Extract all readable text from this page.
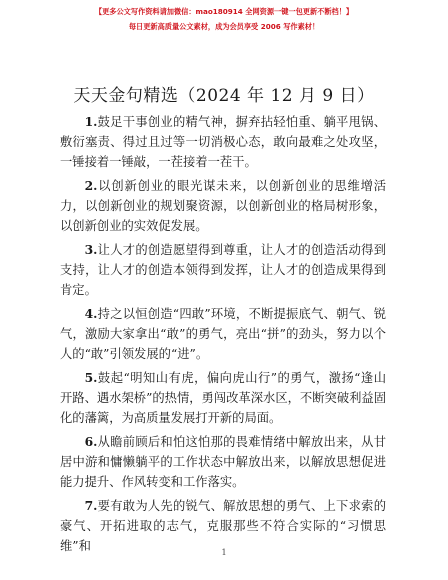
【更多公文写作资料请加微信：mao180914 全网资源一键一包更新不断档！】
每日更新高质量公文素材，成为会员享受 2006 写作素材！
天天金句精选（2024 年 12 月 9 日）

1.鼓足干事创业的精气神，摒弃拈轻怕重、躺平甩锅、敷衍塞责、得过且过等一切消极心态，敢向最难之处攻坚，一锤接着一锤敲，一茬接着一茬干。

2.以创新创业的眼光谋未来，以创新创业的思维增活力，以创新创业的规划聚资源，以创新创业的格局树形象，以创新创业的实效促发展。

3.让人才的创造愿望得到尊重，让人才的创造活动得到支持，让人才的创造本领得到发挥，让人才的创造成果得到肯定。

4.持之以恒创造“四敢”环境，不断提振底气、朝气、锐气，激励大家拿出“敢”的勇气，亮出“拼”的劲头，努力以个人的“敢”引领发展的“进”。

5.鼓起“明知山有虎，偏向虎山行”的勇气，激扬“逢山开路、遇水架桥”的热情，勇闯改革深水区，不断突破利益固化的藩篱，为高质量发展打开新的局面。

6.从瞻前顾后和怕这怕那的畏难情绪中解放出来，从甘居中游和慵懒躺平的工作状态中解放出来，以解放思想促进能力提升、作风转变和工作落实。

7.要有敢为人先的锐气、解放思想的勇气、上下求索的豪气、开拓进取的志气，克服那些不符合实际的“习惯思维”和	1
